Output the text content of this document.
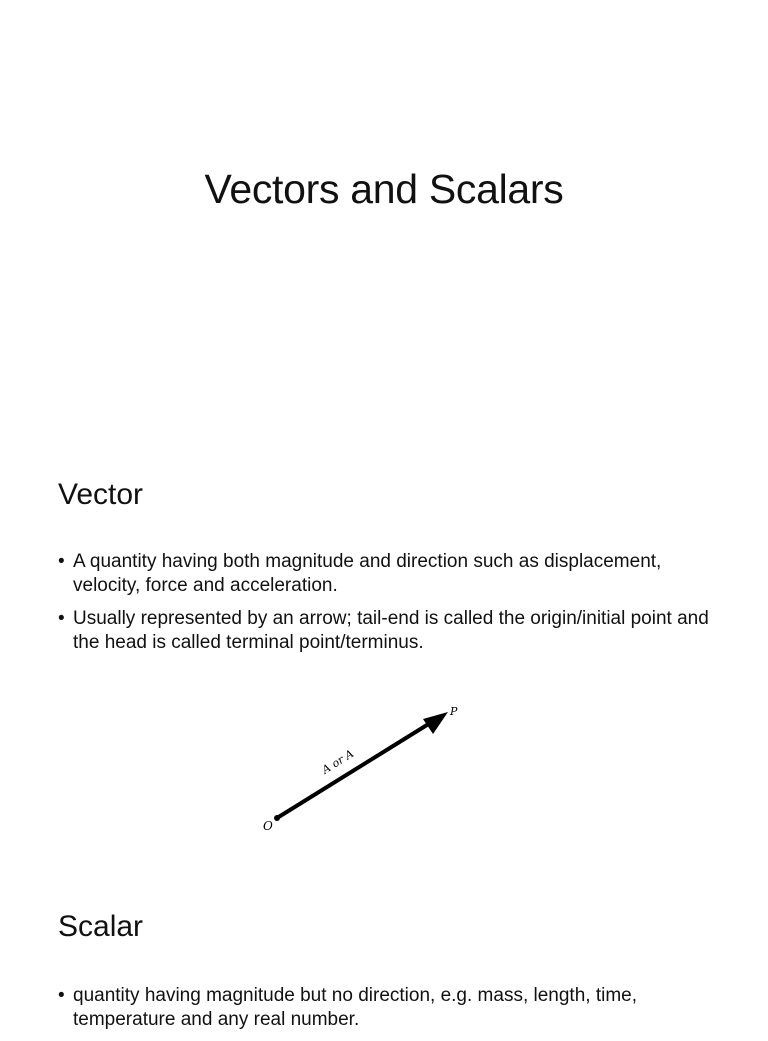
Vectors and Scalars
Vector
• A quantity having both magnitude and direction such as displacement, velocity, force and acceleration.
• Usually represented by an arrow; tail-end is called the origin/initial point and the head is called terminal point/terminus.
O
P
A or A
Scalar
• quantity having magnitude but no direction, e.g. mass, length, time, temperature and any real number.
